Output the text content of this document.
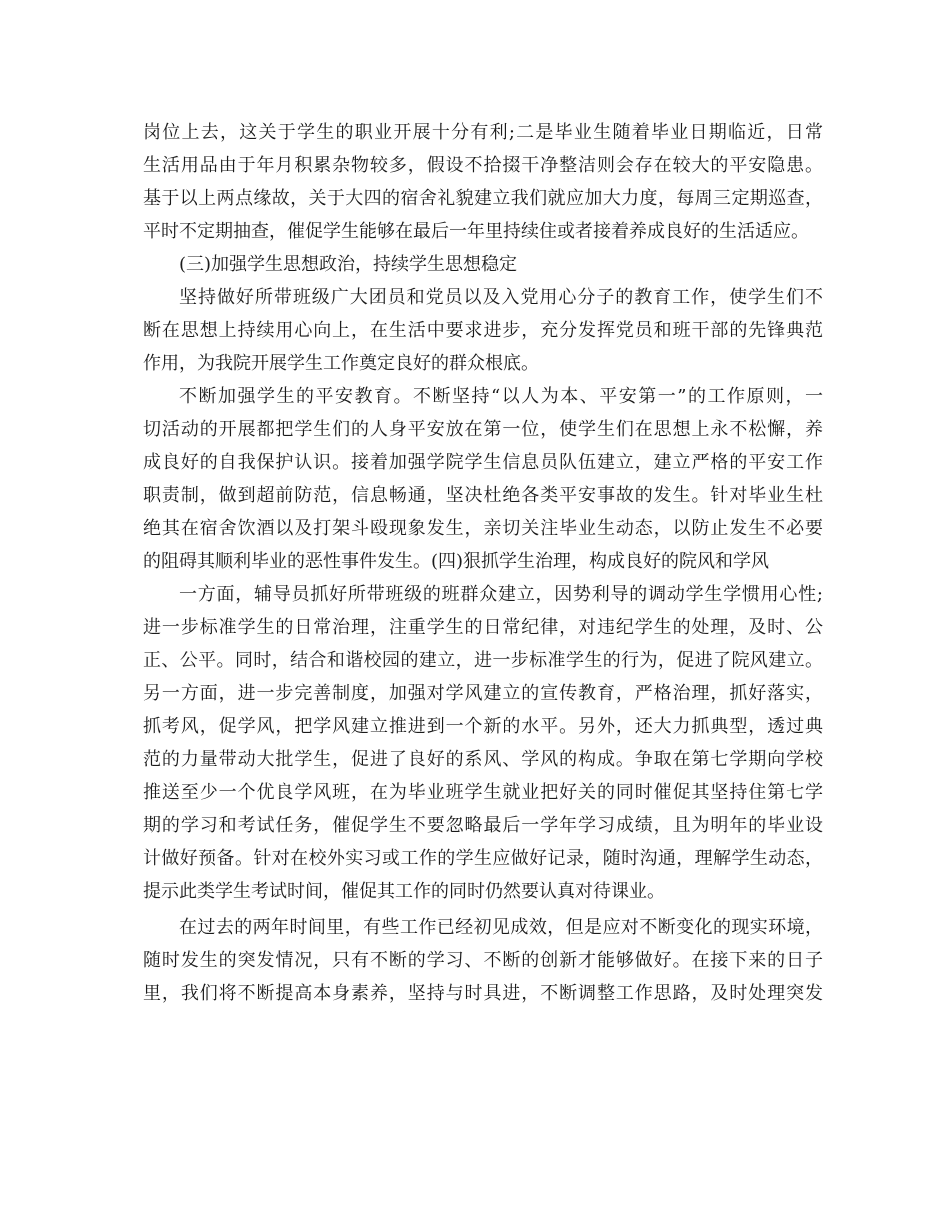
岗位上去，这关于学生的职业开展十分有利;二是毕业生随着毕业日期临近，日常
生活用品由于年月积累杂物较多，假设不拾掇干净整洁则会存在较大的平安隐患。
基于以上两点缘故，关于大四的宿舍礼貌建立我们就应加大力度，每周三定期巡查，
平时不定期抽查，催促学生能够在最后一年里持续住或者接着养成良好的生活适应。
(三)加强学生思想政治，持续学生思想稳定
坚持做好所带班级广大团员和党员以及入党用心分子的教育工作，使学生们不
断在思想上持续用心向上，在生活中要求进步，充分发挥党员和班干部的先锋典范
作用，为我院开展学生工作奠定良好的群众根底。
不断加强学生的平安教育。不断坚持“以人为本、平安第一”的工作原则，一
切活动的开展都把学生们的人身平安放在第一位，使学生们在思想上永不松懈，养
成良好的自我保护认识。接着加强学院学生信息员队伍建立，建立严格的平安工作
职责制，做到超前防范，信息畅通，坚决杜绝各类平安事故的发生。针对毕业生杜
绝其在宿舍饮酒以及打架斗殴现象发生，亲切关注毕业生动态，以防止发生不必要
的阻碍其顺利毕业的恶性事件发生。(四)狠抓学生治理，构成良好的院风和学风
一方面，辅导员抓好所带班级的班群众建立，因势利导的调动学生学惯用心性;
进一步标准学生的日常治理，注重学生的日常纪律，对违纪学生的处理，及时、公
正、公平。同时，结合和谐校园的建立，进一步标准学生的行为，促进了院风建立。
另一方面，进一步完善制度，加强对学风建立的宣传教育，严格治理，抓好落实，
抓考风，促学风，把学风建立推进到一个新的水平。另外，还大力抓典型，透过典
范的力量带动大批学生，促进了良好的系风、学风的构成。争取在第七学期向学校
推送至少一个优良学风班，在为毕业班学生就业把好关的同时催促其坚持住第七学
期的学习和考试任务，催促学生不要忽略最后一学年学习成绩，且为明年的毕业设
计做好预备。针对在校外实习或工作的学生应做好记录，随时沟通，理解学生动态，
提示此类学生考试时间，催促其工作的同时仍然要认真对待课业。
在过去的两年时间里，有些工作已经初见成效，但是应对不断变化的现实环境，
随时发生的突发情况，只有不断的学习、不断的创新才能够做好。在接下来的日子
里，我们将不断提高本身素养，坚持与时具进，不断调整工作思路，及时处理突发
